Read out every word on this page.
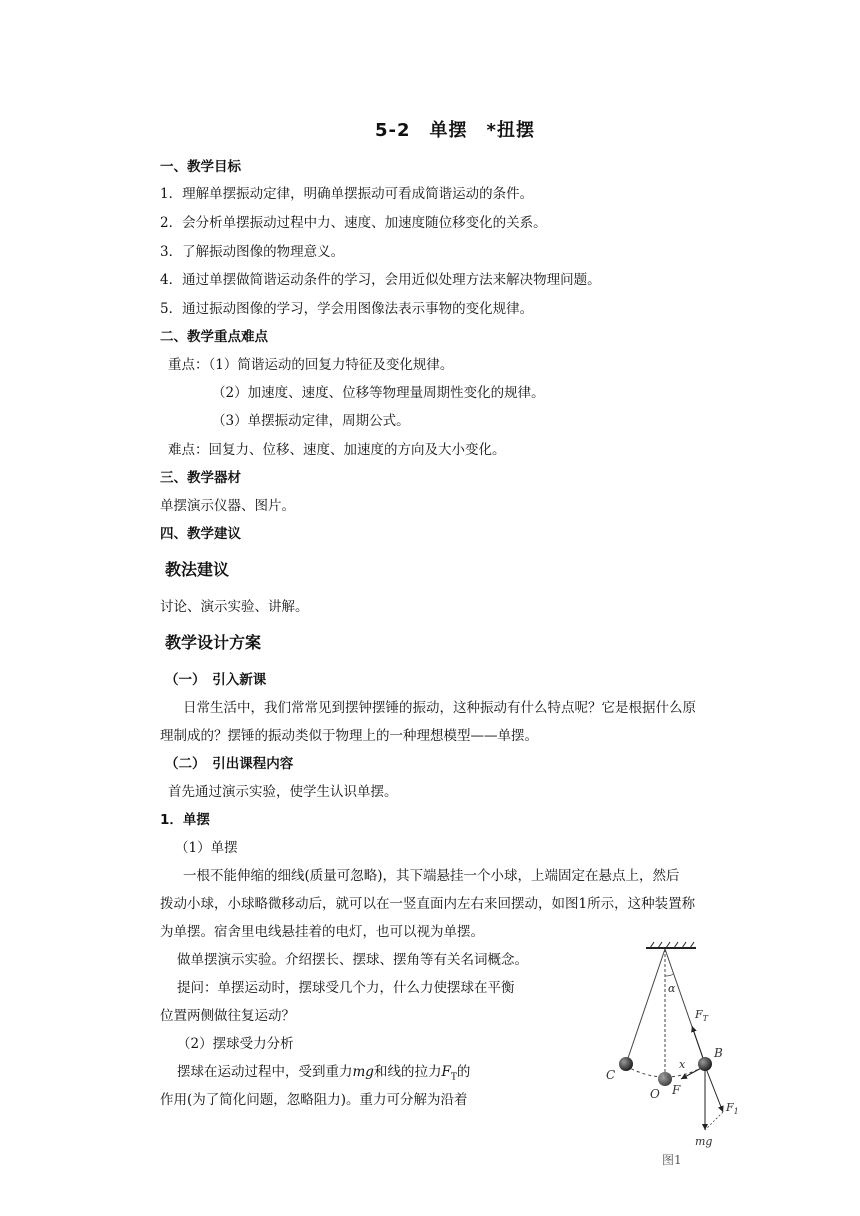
5-2　单摆　*扭摆
一、教学目标
1．理解单摆振动定律，明确单摆振动可看成简谐运动的条件。
2．会分析单摆振动过程中力、速度、加速度随位移变化的关系。
3．了解振动图像的物理意义。
4．通过单摆做简谐运动条件的学习，会用近似处理方法来解决物理问题。
5．通过振动图像的学习，学会用图像法表示事物的变化规律。
二、教学重点难点
重点：（1）简谐运动的回复力特征及变化规律。
（2）加速度、速度、位移等物理量周期性变化的规律。
（3）单摆振动定律，周期公式。
难点：回复力、位移、速度、加速度的方向及大小变化。
三、教学器材
单摆演示仪器、图片。
四、教学建议
教法建议
讨论、演示实验、讲解。
教学设计方案
（一）　引入新课
日常生活中，我们常常见到摆钟摆锤的振动，这种振动有什么特点呢？它是根据什么原
理制成的？摆锤的振动类似于物理上的一种理想模型——单摆。
（二）　引出课程内容
首先通过演示实验，使学生认识单摆。
1．单摆
（1）单摆
一根不能伸缩的细线(质量可忽略)，其下端悬挂一个小球，上端固定在悬点上，然后
拨动小球，小球略微移动后，就可以在一竖直面内左右来回摆动，如图1所示，这种装置称
为单摆。宿舍里电线悬挂着的电灯，也可以视为单摆。
做单摆演示实验。介绍摆长、摆球、摆角等有关名词概念。
提问：单摆运动时，摆球受几个力，什么力使摆球在平衡
位置两侧做往复运动？
（2）摆球受力分析
摆球在运动过程中，受到重力mg和线的拉力$F_T$的
作用(为了简化问题，忽略阻力)。重力可分解为沿着
α
$F_T$
x
C
B
O F
$F_1$
mg
图1
